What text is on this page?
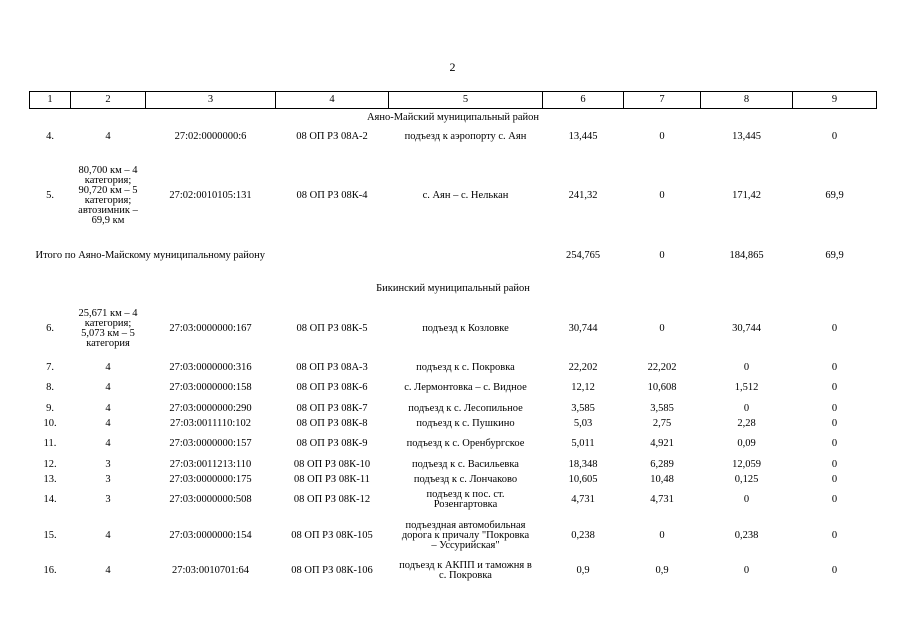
2
1	2	3	4	5	6	7	8	9
Аяно-Майский муниципальный район								
4.	4	27:02:0000000:6	08 ОП РЗ 08А-2	подъезд к аэропорту с. Аян	13,445	0	13,445	0
5.	80,700 км – 4 категория; 90,720 км – 5 категория; автозимник – 69,9 км	27:02:0010105:131	08 ОП РЗ 08К-4	с. Аян – с. Нелькан	241,32	0	171,42	69,9
Итого по Аяно-Майскому муниципальному району					254,765	0	184,865	69,9

Бикинский муниципальный район								
6.	25,671 км – 4 категория; 5,073 км – 5 категория	27:03:0000000:167	08 ОП РЗ 08К-5	подъезд к Козловке	30,744	0	30,744	0
7.	4	27:03:0000000:316	08 ОП РЗ 08А-3	подъезд к с. Покровка	22,202	22,202	0	0
8.	4	27:03:0000000:158	08 ОП РЗ 08К-6	с. Лермонтовка – с. Видное	12,12	10,608	1,512	0
9.	4	27:03:0000000:290	08 ОП РЗ 08К-7	подъезд к с. Лесопильное	3,585	3,585	0	0
10.	4	27:03:0011110:102	08 ОП РЗ 08К-8	подъезд к с. Пушкино	5,03	2,75	2,28	0
11.	4	27:03:0000000:157	08 ОП РЗ 08К-9	подъезд к с. Оренбургское	5,011	4,921	0,09	0
12.	3	27:03:0011213:110	08 ОП РЗ 08К-10	подъезд к с. Васильевка	18,348	6,289	12,059	0
13.	3	27:03:0000000:175	08 ОП РЗ 08К-11	подъезд к с. Лончаково	10,605	10,48	0,125	0
14.	3	27:03:0000000:508	08 ОП РЗ 08К-12	подъезд к пос. ст. Розенгартовка	4,731	4,731	0	0
15.	4	27:03:0000000:154	08 ОП РЗ 08К-105	подъездная автомобильная дорога к причалу "Покровка – Уссурийская"	0,238	0	0,238	0
16.	4	27:03:0010701:64	08 ОП РЗ 08К-106	подъезд к АКПП и таможня в с. Покровка	0,9	0,9	0	0
